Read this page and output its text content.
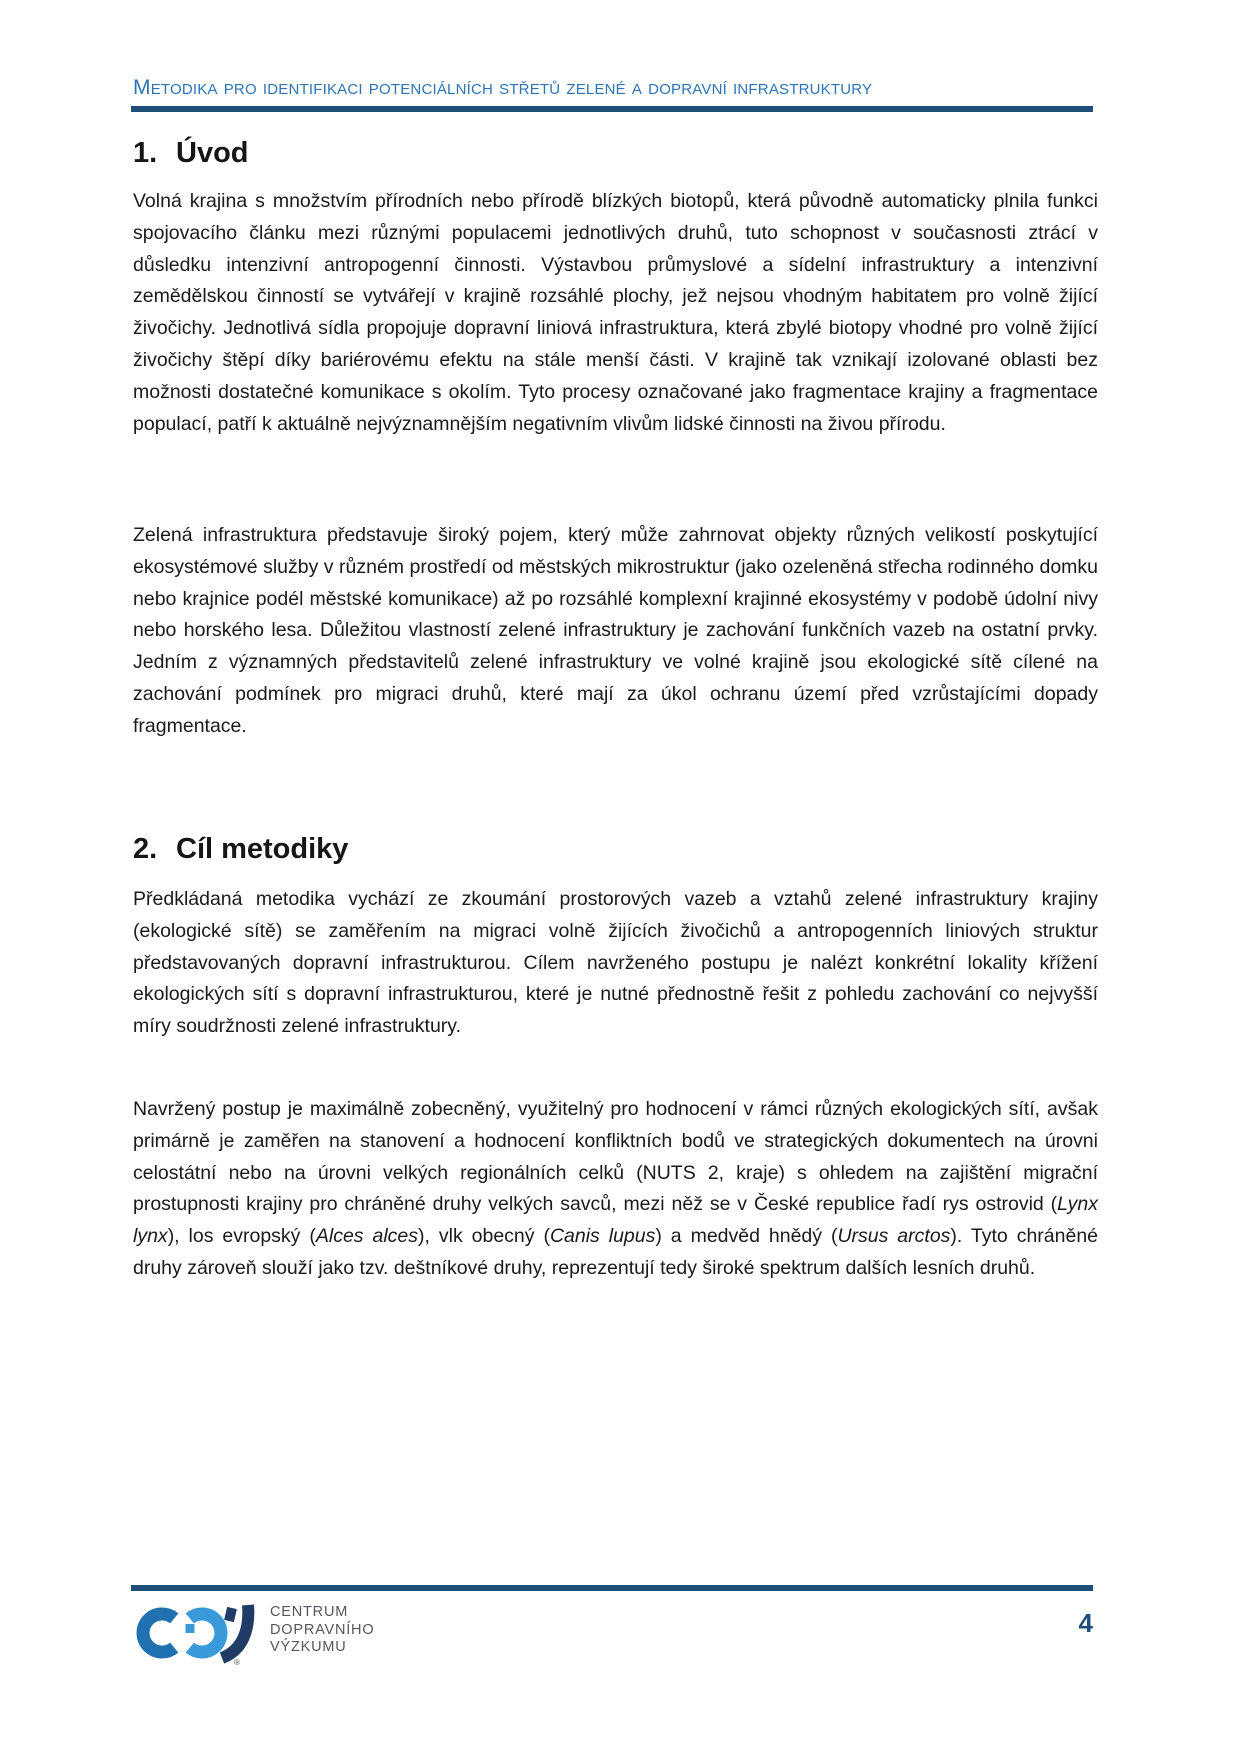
Metodika pro identifikaci potenciálních střetů zelené a dopravní infrastruktury
1. Úvod

Volná krajina s množstvím přírodních nebo přírodě blízkých biotopů, která původně automaticky plnila funkci spojovacího článku mezi různými populacemi jednotlivých druhů, tuto schopnost v současnosti ztrácí v důsledku intenzivní antropogenní činnosti. Výstavbou průmyslové a sídelní infrastruktury a intenzivní zemědělskou činností se vytvářejí v krajině rozsáhlé plochy, jež nejsou vhodným habitatem pro volně žijící živočichy. Jednotlivá sídla propojuje dopravní liniová infrastruktura, která zbylé biotopy vhodné pro volně žijící živočichy štěpí díky bariérovému efektu na stále menší části. V krajině tak vznikají izolované oblasti bez možnosti dostatečné komunikace s okolím. Tyto procesy označované jako fragmentace krajiny a fragmentace populací, patří k aktuálně nejvýznamnějším negativním vlivům lidské činnosti na živou přírodu.

Zelená infrastruktura představuje široký pojem, který může zahrnovat objekty různých velikostí poskytující ekosystémové služby v různém prostředí od městských mikrostruktur (jako ozeleněná střecha rodinného domku nebo krajnice podél městské komunikace) až po rozsáhlé komplexní krajinné ekosystémy v podobě údolní nivy nebo horského lesa. Důležitou vlastností zelené infrastruktury je zachování funkčních vazeb na ostatní prvky. Jedním z významných představitelů zelené infrastruktury ve volné krajině jsou ekologické sítě cílené na zachování podmínek pro migraci druhů, které mají za úkol ochranu území před vzrůstajícími dopady fragmentace.

2. Cíl metodiky

Předkládaná metodika vychází ze zkoumání prostorových vazeb a vztahů zelené infrastruktury krajiny (ekologické sítě) se zaměřením na migraci volně žijících živočichů a antropogenních liniových struktur představovaných dopravní infrastrukturou. Cílem navrženého postupu je nalézt konkrétní lokality křížení ekologických sítí s dopravní infrastrukturou, které je nutné přednostně řešit z pohledu zachování co nejvyšší míry soudržnosti zelené infrastruktury.

Navržený postup je maximálně zobecněný, využitelný pro hodnocení v rámci různých ekologických sítí, avšak primárně je zaměřen na stanovení a hodnocení konfliktních bodů ve strategických dokumentech na úrovni celostátní nebo na úrovni velkých regionálních celků (NUTS 2, kraje) s ohledem na zajištění migrační prostupnosti krajiny pro chráněné druhy velkých savců, mezi něž se v České republice řadí rys ostrovid (Lynx lynx), los evropský (Alces alces), vlk obecný (Canis lupus) a medvěd hnědý (Ursus arctos). Tyto chráněné druhy zároveň slouží jako tzv. deštníkové druhy, reprezentují tedy široké spektrum dalších lesních druhů.

®
CENTRUM
DOPRAVNÍHO
VÝZKUMU
4
